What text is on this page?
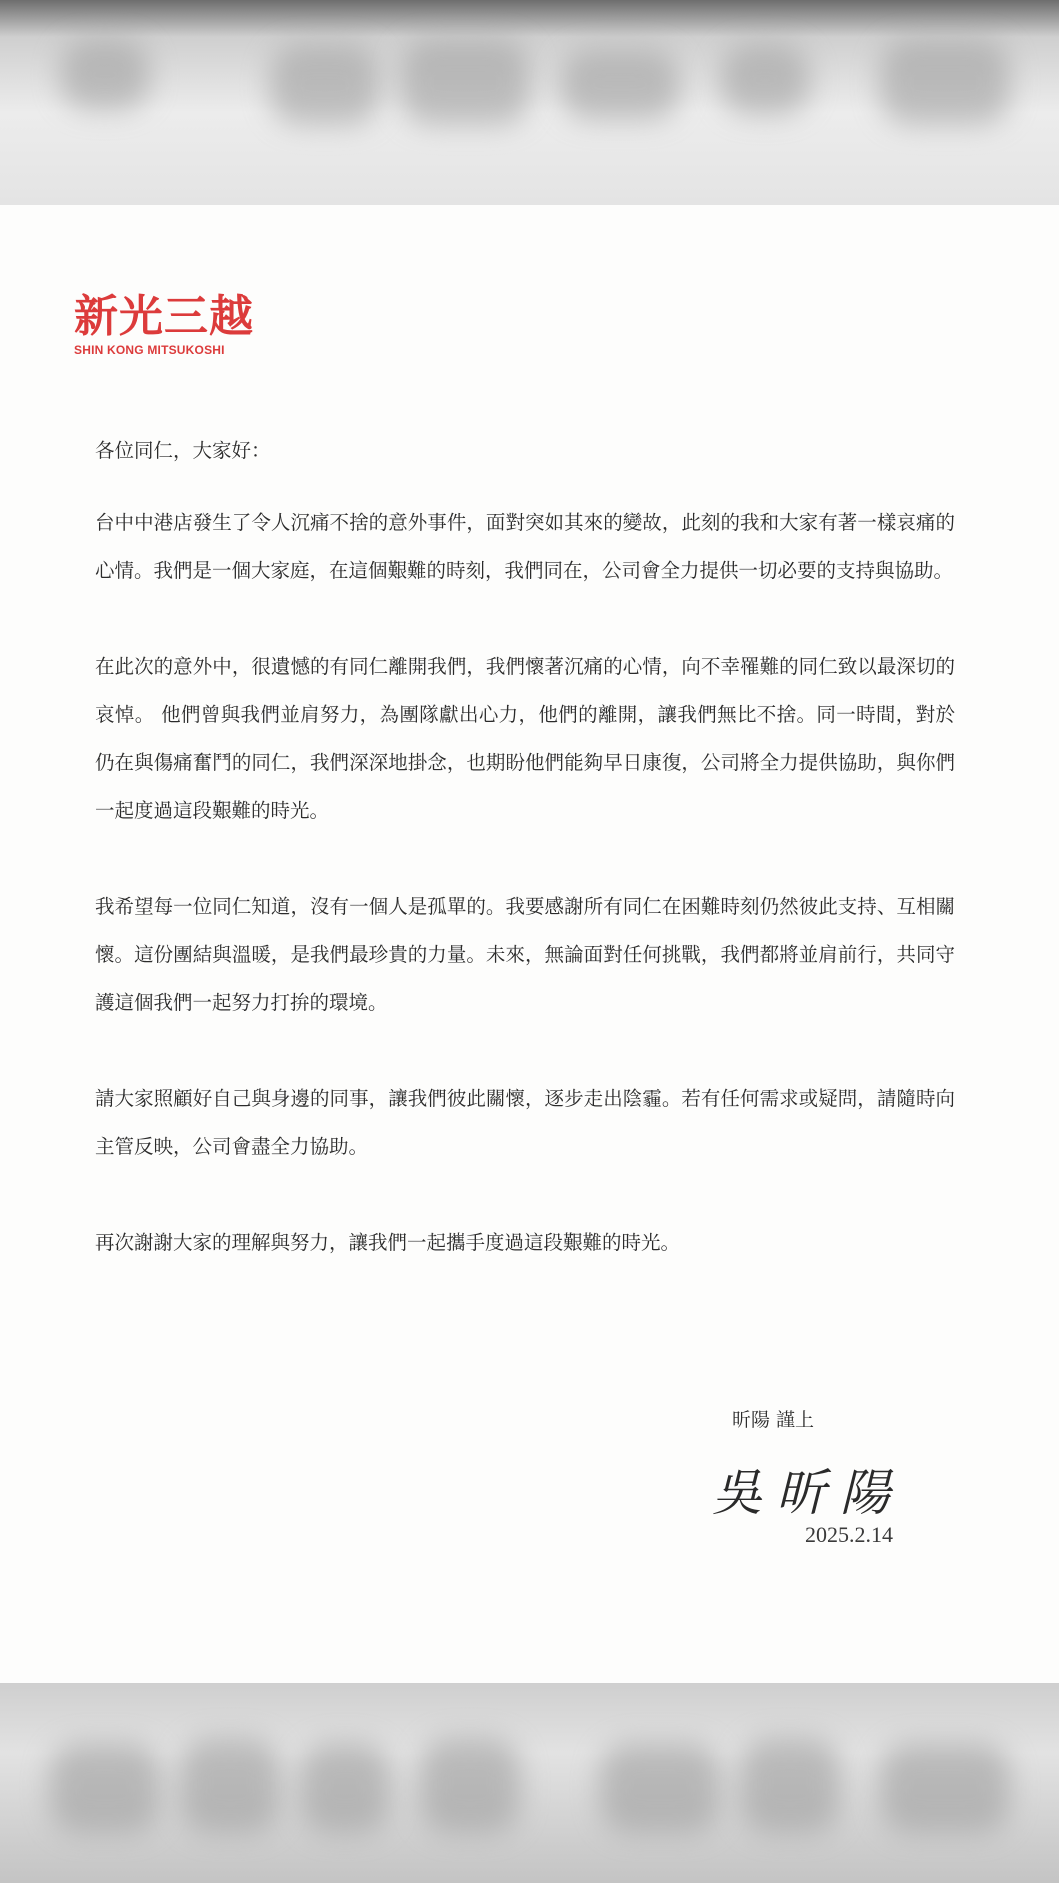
新光三越
SHIN KONG MITSUKOSHI

各位同仁，大家好：

台中中港店發生了令人沉痛不捨的意外事件，面對突如其來的變故，此刻的我和大家有著一樣哀痛的心情。我們是一個大家庭，在這個艱難的時刻，我們同在，公司會全力提供一切必要的支持與協助。

在此次的意外中，很遺憾的有同仁離開我們，我們懷著沉痛的心情，向不幸罹難的同仁致以最深切的哀悼。 他們曾與我們並肩努力，為團隊獻出心力，他們的離開，讓我們無比不捨。同一時間，對於仍在與傷痛奮鬥的同仁，我們深深地掛念，也期盼他們能夠早日康復，公司將全力提供協助，與你們一起度過這段艱難的時光。

我希望每一位同仁知道，沒有一個人是孤單的。我要感謝所有同仁在困難時刻仍然彼此支持、互相關懷。這份團結與溫暖，是我們最珍貴的力量。未來，無論面對任何挑戰，我們都將並肩前行，共同守護這個我們一起努力打拚的環境。

請大家照顧好自己與身邊的同事，讓我們彼此關懷，逐步走出陰霾。若有任何需求或疑問，請隨時向主管反映，公司會盡全力協助。

再次謝謝大家的理解與努力，讓我們一起攜手度過這段艱難的時光。

昕陽 謹上
吳昕陽
2025.2.14
